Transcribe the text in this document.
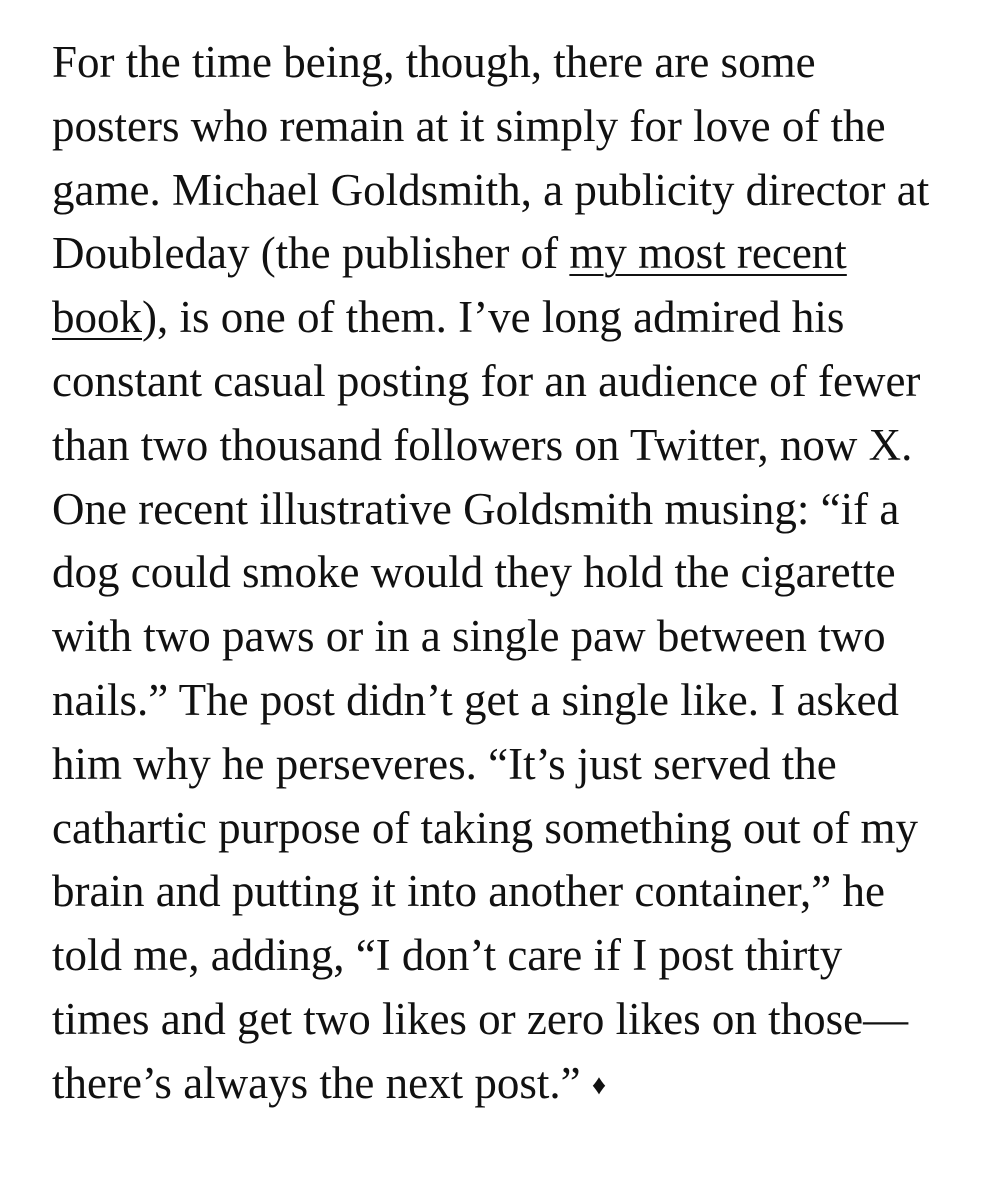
For the time being, though, there are some
posters who remain at it simply for love of the
game. Michael Goldsmith, a publicity director at
Doubleday (the publisher of my most recent
book), is one of them. I’ve long admired his
constant casual posting for an audience of fewer
than two thousand followers on Twitter, now X.
One recent illustrative Goldsmith musing: “if a
dog could smoke would they hold the cigarette
with two paws or in a single paw between two
nails.” The post didn’t get a single like. I asked
him why he perseveres. “It’s just served the
cathartic purpose of taking something out of my
brain and putting it into another container,” he
told me, adding, “I don’t care if I post thirty
times and get two likes or zero likes on those—
there’s always the next post.” ♦
